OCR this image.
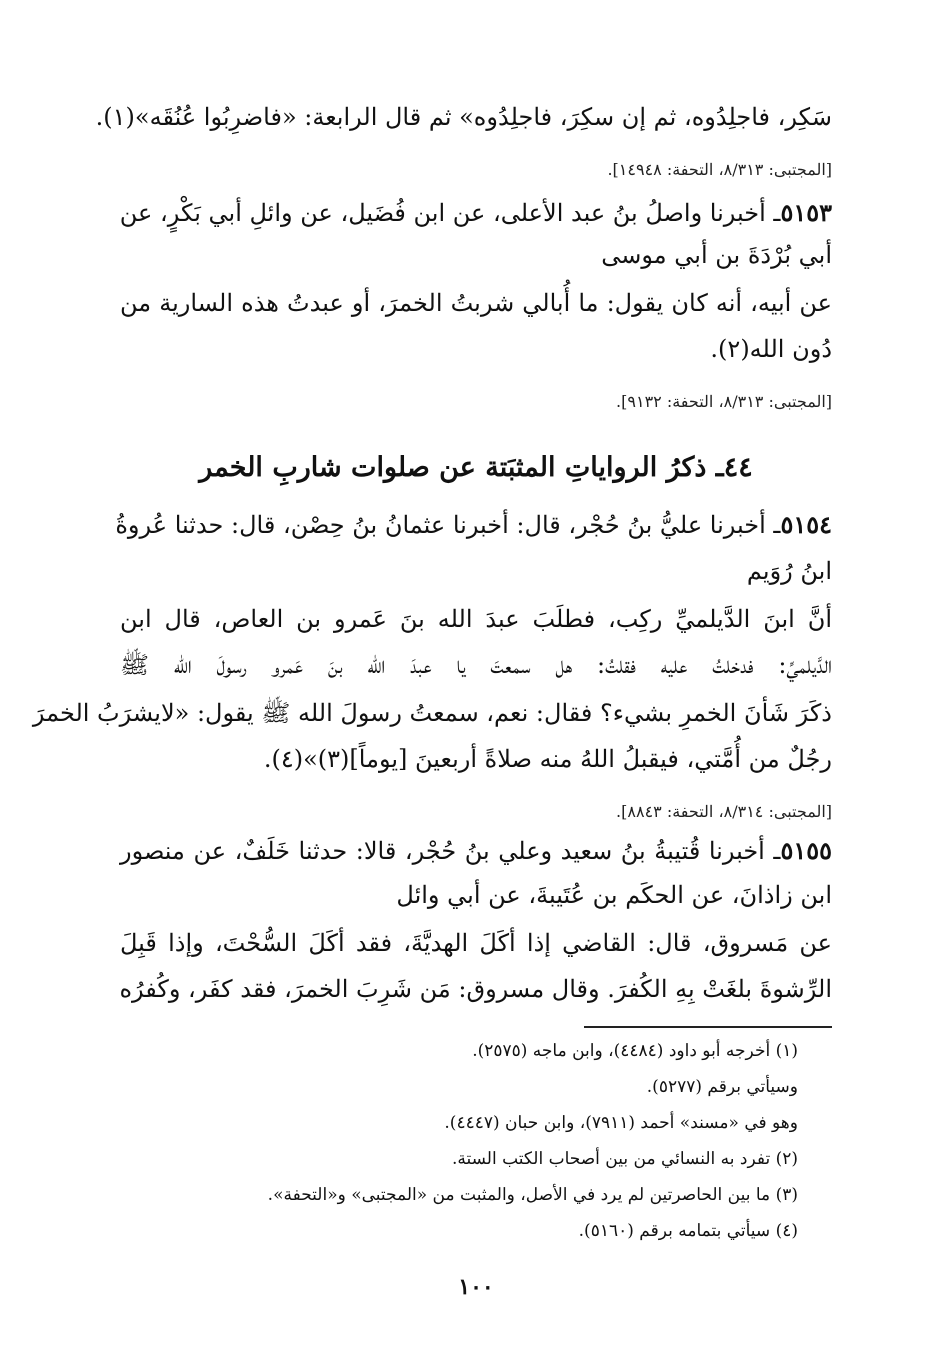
سَكِر، فاجلِدُوه، ثم إن سكِرَ، فاجلِدُوه» ثم قال الرابعة: «فاضرِبُوا عُنُقَه»(١).
[المجتبى: ٨/٣١٣، التحفة: ١٤٩٤٨].
٥١٥٣ـ أخبرنا واصلُ بنُ عبد الأعلى، عن ابن فُضَيل، عن وائلِ أبي بَكْرٍ، عن
أبي بُرْدَةَ بن أبي موسى
عن أبيه، أنه كان يقول: ما أُبالي شربتُ الخمرَ، أو عبدتُ هذه السارية من
دُون الله(٢).
[المجتبى: ٨/٣١٣، التحفة: ٩١٣٢].
٤٤ـ ذكرُ الرواياتِ المثبَتة عن صلوات شاربِ الخمر
٥١٥٤ـ أخبرنا عليُّ بنُ حُجْر، قال: أخبرنا عثمانُ بنُ حِصْن، قال: حدثنا عُروةُ
ابنُ رُوَيم
أنَّ ابنَ الدَّيلميِّ ركِب، فطلَبَ عبدَ الله بنَ عَمرو بن العاص، قال ابن
الدَّيلميِّ: فدخلتُ عليه فقلتُ: هل سمعتَ يا عبدَ الله بنَ عَمرو رسولَ الله ﷺ
ذكَرَ شَأنَ الخمرِ بشيء؟ فقال: نعم، سمعتُ رسولَ الله ﷺ يقول: «لايشرَبُ الخمرَ
رجُلٌ من أُمَّتي، فيقبلُ اللهُ منه صلاةً أربعينَ [يوماً](٣)»(٤).
[المجتبى: ٨/٣١٤، التحفة: ٨٨٤٣].
٥١٥٥ـ أخبرنا قُتيبةُ بنُ سعيد وعلي بنُ حُجْر، قالا: حدثنا خَلَفٌ، عن منصور
ابن زاذانَ، عن الحكَم بن عُتَيبةَ، عن أبي وائل
عن مَسروق، قال: القاضي إذا أكَلَ الهديَّةَ، فقد أكَلَ السُّحْتَ، وإذا قَبِلَ
الرِّشوةَ بلغَتْ بِهِ الكُفرَ. وقال مسروق: مَن شَرِبَ الخمرَ، فقد كفَر، وكُفرُه
(١) أخرجه أبو داود (٤٤٨٤)، وابن ماجه (٢٥٧٥).
وسيأتي برقم (٥٢٧٧).
وهو في «مسند» أحمد (٧٩١١)، وابن حبان (٤٤٤٧).
(٢) تفرد به النسائي من بين أصحاب الكتب الستة.
(٣) ما بين الحاصرتين لم يرد في الأصل، والمثبت من «المجتبى» و«التحفة».
(٤) سيأتي بتمامه برقم (٥١٦٠).
١٠٠
